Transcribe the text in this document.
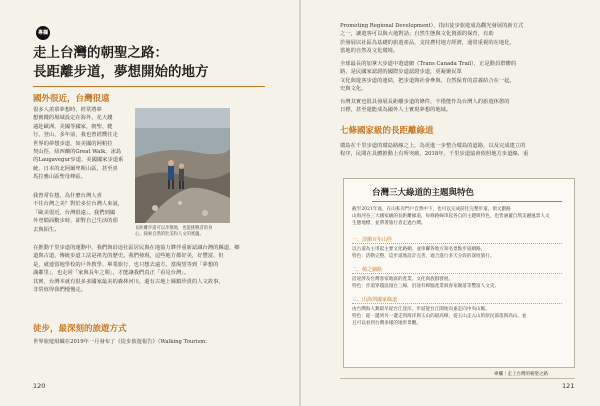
專欄
走上台灣的朝聖之路：
長距離步道，夢想開始的地方
國外很近，台灣很遠
很多人羨慕夢想時，經常將夢
想實踐的場域設定在海外，花大錢
遠赴歐洲、美國等國家，朝聖、健
行、登山、多年前，我也曾經嚮往走
世界的夢想步道，如美國的阿帕拉
契山徑、紐西蘭的Great Walk、冰島
的Laugavegur步道、美國國家步道系
統、日本的北阿爾卑斯山區，甚至喜
馬拉雅山區聖母峰區。
我曾常在想，為什麼台灣人喜
不往台灣之美？對於多位台灣人來說，
「歐美很近，台灣很遠」。我們到國
外登騎面數步時，卻對自己生活的那
去與陌生。	長距離步道可以步散地，也能挑戰者的身
心，探索自然的壯美和人文的底蘊。
在推動千里步道的運動中，我們與沿途社區居民與在地協力夥伴重新認識台灣的縣道、鄉
道與古道，傳統步道工法是祖先的歷史。我們發現，這些地方都好美，好豐富，但
是，就連當地學校的戶外教學、畢業旅行，也只想去遠方。當渴望等到「夢想的
滿鄰里」、也走回「家與長年之間」，才能讓我們真正「看見台灣」。
其實，台灣本就有很多多國家最美的森林河川，還有古地上縣鎮珍貴的人文故事，
非常值得我們慢慢走。
徒步，最深刻的旅遊方式
世界旅遊組織在2019年一月發布了《徒步旅遊報告》（Walking Tourism:
120
Promoting Regional Development），指出徒步旅遊成為觀光發展的新方式
之一，讓遊客可以與大地對話；自然生態與文化資源的保育，有助
於發展以社區為基礎的旅遊產品，支持農村地方經濟，通常重視的在地化，
當地的自然及文化環境。
全球最長的加拿大步道中遊道網（Trans Canada Trail），正是動員群體的
路，是民國家認證的國際步道認證步道，更凝聚民眾
文化與遊客步道的連結，把步道與社會參與、自然保育的意義結合在一起，
史與文化。
台灣其實也很具發展長距離步道的條件，不僅能作為台灣人的旅遊休憩的
日標，甚至還能成為國外人士實現夢想的地域。
七條國家級的長距離綠道
環島在千里步道的環島路線之上，為更進一步整合環島的道路，以及完成建立的
程序，民間在具體推動上有所突破，2018年，千里步道協會依照地方步道線，重
台灣三大綠道的主題與特色
截至2021年底，在山私有門戶自然中下，也可以完成前往完整步道，領文劃路
山海河谷三大國家級的長距離綠道，每條路線串起各自的主題與特色，也皆涵蓋自然美麗風景人文
生態地標，並帶著旅行者走過台灣。
一、淡蘭百年山徑
以古道為主串起主要文化路網，並串聯各地方知名景點步道網路。
特色：活動完整，這步道地設計完善，適合進行多天分段的深度旅行。
二、樟之細路
沿途涉及台灣客家地區的產業、文化與族群發展。
特色：步道穿越浪漫台三線，沿途有樟腦產業與客家聚落等豐富人文史。
三、山海圳國家綠道
由台灣海人類最早從台江登岸，步道從台江開始向東走向中央山脈。
特色：從一邊到另一邊走到海洋與玉山的最高峰，從玉山走入山的原民部落與高山，並
且可以看到台灣多樣的地形景觀。
專欄｜走上台灣的朝聖之路
121
